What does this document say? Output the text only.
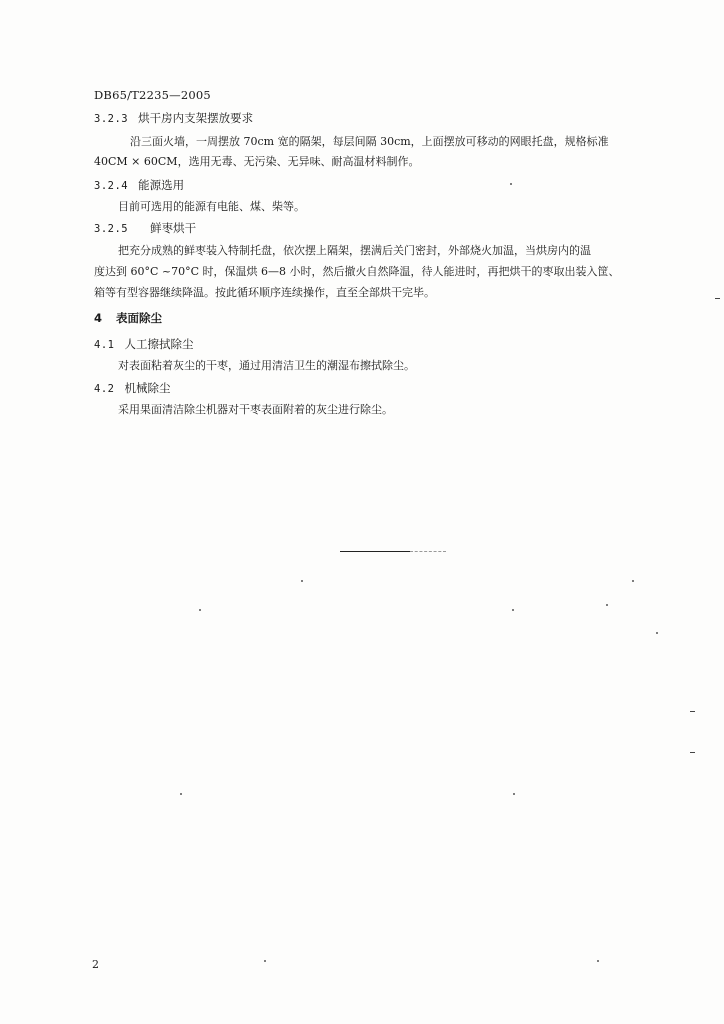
DB65/T2235—2005
3.2.3 烘干房内支架摆放要求
沿三面火墙，一周摆放 70cm 宽的隔架，每层间隔 30cm，上面摆放可移动的网眼托盘，规格标准
40CM × 60CM，选用无毒、无污染、无异味、耐高温材料制作。
3.2.4 能源选用
目前可选用的能源有电能、煤、柴等。
3.2.5 鲜枣烘干
把充分成熟的鲜枣装入特制托盘，依次摆上隔架，摆满后关门密封，外部烧火加温，当烘房内的温
度达到 60°C ~70°C 时，保温烘 6—8 小时，然后撤火自然降温，待人能进时，再把烘干的枣取出装入筐、
箱等有型容器继续降温。按此循环顺序连续操作，直至全部烘干完毕。
4 表面除尘
4.1 人工擦拭除尘
对表面粘着灰尘的干枣，通过用清洁卫生的潮湿布擦拭除尘。
4.2 机械除尘
采用果面清洁除尘机器对干枣表面附着的灰尘进行除尘。
2
